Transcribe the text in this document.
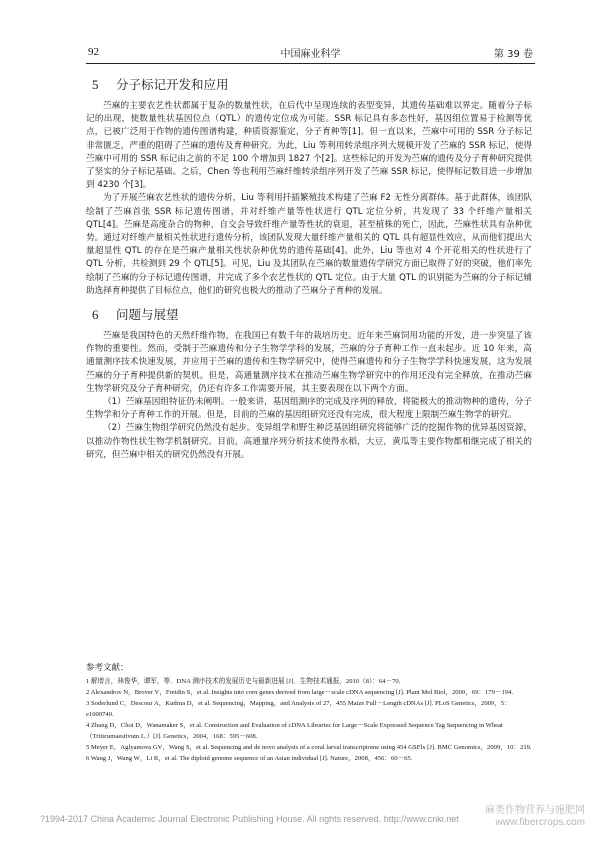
92	中国麻业科学	第 39 卷
5 分子标记开发和应用

苎麻的主要农艺性状都属于复杂的数量性状，在后代中呈现连续的表型变异，其遗传基础难以界定。随着分子标记的出现，使数量性状基因位点（QTL）的遗传定位成为可能。SSR 标记具有多态性好，基因组位置易于检测等优点，已被广泛用于作物的遗传图谱构建，种质资源鉴定，分子育种等[1]。但一直以来，苎麻中可用的 SSR 分子标记非常匮乏，严重的阻碍了苎麻的遗传及育种研究。为此，Liu 等利用转录组序列大规模开发了苎麻的 SSR 标记，使得苎麻中可用的 SSR 标记由之前的不足 100 个增加到 1827 个[2]。这些标记的开发为苎麻的遗传及分子育种研究提供了坚实的分子标记基础。之后，Chen 等也利用苎麻纤维转录组序列开发了苎麻 SSR 标记，使得标记数目进一步增加到 4230 个[3]。

为了开展苎麻农艺性状的遗传分析，Liu 等利用扦插繁殖技术构建了苎麻 F2 无性分离群体。基于此群体，该团队绘制了苎麻首张 SSR 标记遗传图谱，并对纤维产量等性状进行 QTL 定位分析，共发现了 33 个纤维产量相关 QTL[4]。苎麻是高度杂合的物种，自交会导致纤维产量等性状的衰退，甚至植株的死亡，因此，苎麻性状具有杂种优势。通过对纤维产量相关性状进行遗传分析，该团队发现大量纤维产量相关的 QTL 具有超显性效应，从而他们提出大量超显性 QTL 的存在是苎麻产量相关性状杂种优势的遗传基础[4]。此外，Liu 等也对 4 个开花相关的性状进行了 QTL 分析，共检测到 29 个 QTL[5]。可见，Liu 及其团队在苎麻的数量遗传学研究方面已取得了好的突破，他们率先绘制了苎麻的分子标记遗传图谱，并完成了多个农艺性状的 QTL 定位。由于大量 QTL 的识别能为苎麻的分子标记辅助选择育种提供了目标位点，他们的研究也极大的推动了苎麻分子育种的发展。

6 问题与展望

苎麻是我国特色的天然纤维作物，在我国已有数千年的栽培历史。近年来苎麻饲用功能的开发，进一步突显了该作物的重要性。然而，受制于苎麻遗传和分子生物学学科的发展，苎麻的分子育种工作一直未起步。近 10 年来，高通量测序技术快速发展，并应用于苎麻的遗传和生物学研究中，使得苎麻遗传和分子生物学学科快速发展，这为发展苎麻的分子育种提供新的契机。但是，高通量测序技术在推动苎麻生物学研究中的作用还没有完全释放，在推动苎麻生物学研究及分子育种研究，仍还有许多工作需要开展，其主要表现在以下两个方面。

（1）苎麻基因组特征仍未阐明。一般来讲，基因组测序的完成及序列的释放，将能极大的推动物种的遗传，分子生物学和分子育种工作的开展。但是，目前的苎麻的基因组研究还没有完成，很大程度上限制苎麻生物学的研究。

（2）苎麻生物组学研究仍然没有起步。变异组学和野生种泛基因组研究将能够广泛的挖掘作物的优异基因资源，以推动作物性状生物学机制研究。目前，高通量序列分析技术使得水稻，大豆，黄瓜等主要作物都相继完成了相关的研究，但苎麻中相关的研究仍然没有开展。

参考文献：
1 解增言，林俊华，谭军，等．DNA 测序技术的发展历史与最新进展 [J]．生物技术通报，2010（8）：64－70．
2 Alexandrov N，Brover V，Freidin S，et al. Insights into corn genes derived from large－scale cDNA sequencing [J]. Plant Mol Biol，2009，69：179－194.
3 Soderlund C，Descour A，Kudrna D，et al. Sequencing，Mapping，and Analysis of 27，455 Maize Full－Length cDNAs [J]. PLoS Genetics，2009，5：e1000740.
4 Zhang D，Choi D，Wanamaker S，et al. Construction and Evaluation of cDNA Libraries for Large－Scale Expressed Sequence Tag Sequencing in Wheat（Triticumaestivum L.）[J]. Genetics，2004，168：595－608.
5 Meyer E，Aglyamova GV，Wang S，et al. Sequencing and de novo analysis of a coral larval transcriptome using 454 GSFlx [J]. BMC Genomics，2009，10：219.
6 Wang J，Wang W，Li R，et al. The diploid genome sequence of an Asian individual [J]. Nature，2008，456：60－65.
?1994-2017 China Academic Journal Electronic Publishing House. All rights reserved. http://www.cnki.net
麻类作物营养与施肥网
www.fibercrops.com
